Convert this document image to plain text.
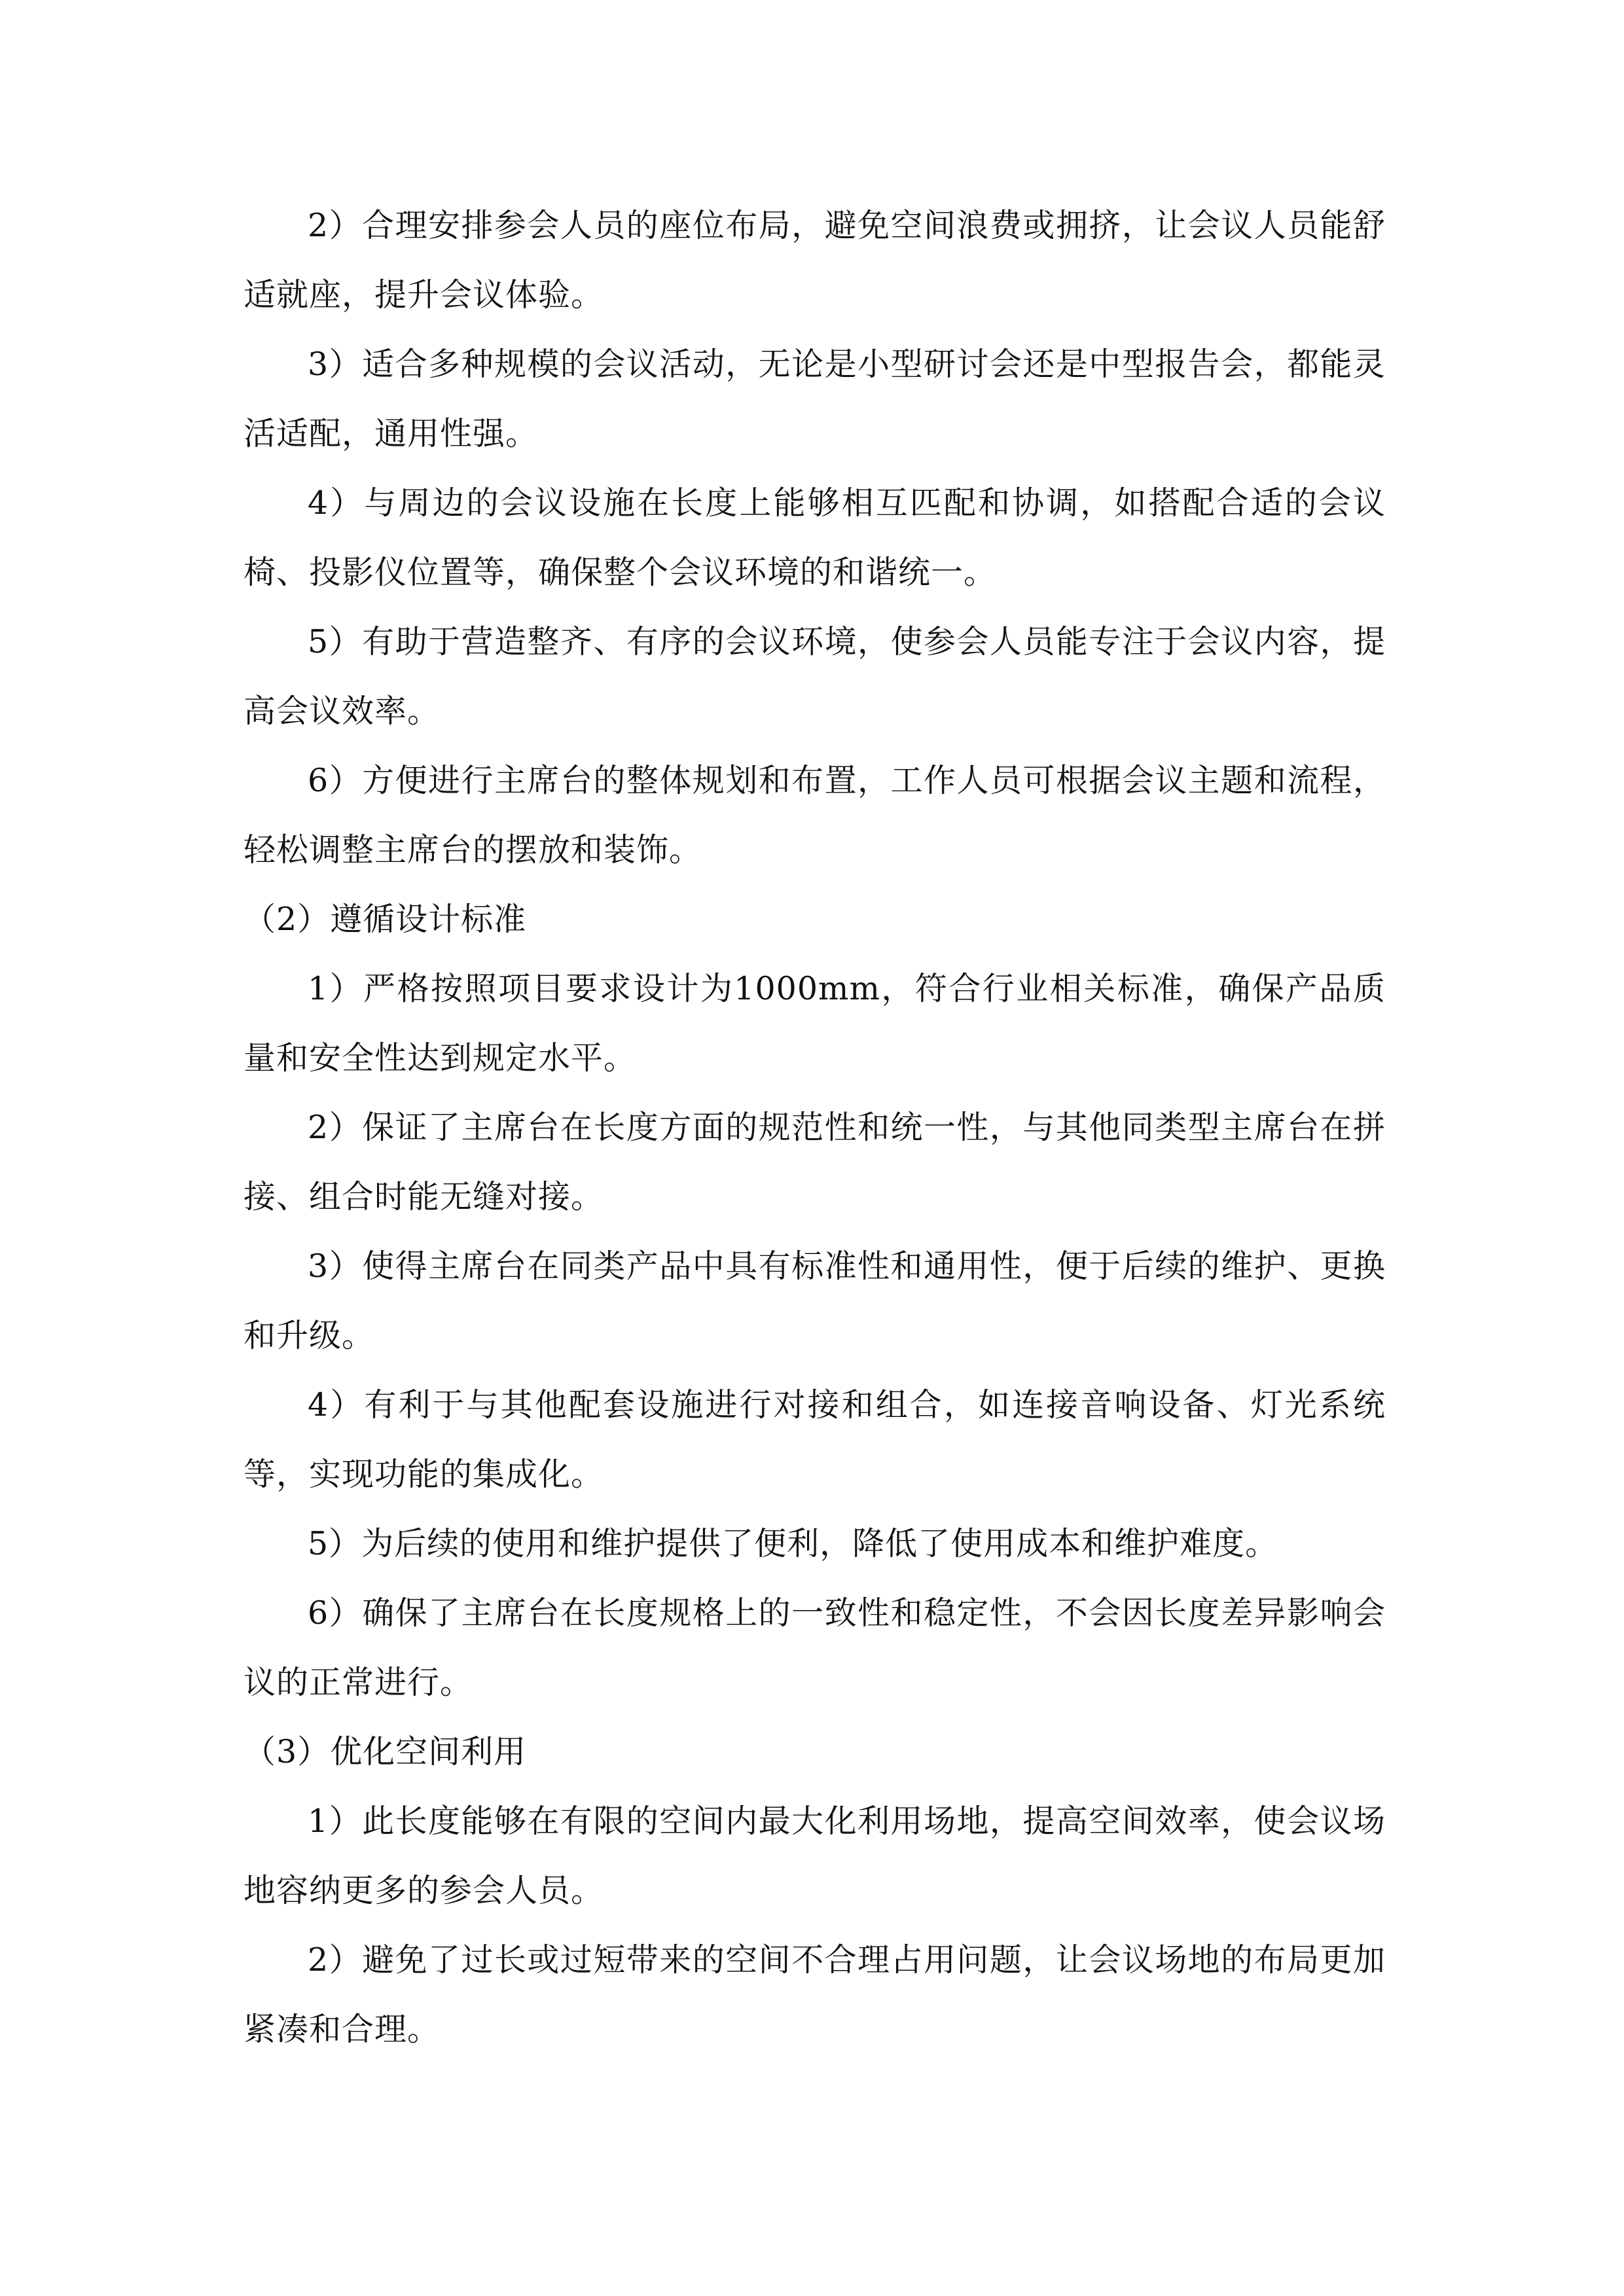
2）合理安排参会人员的座位布局，避免空间浪费或拥挤，让会议人员能舒适就座，提升会议体验。

3）适合多种规模的会议活动，无论是小型研讨会还是中型报告会，都能灵活适配，通用性强。

4）与周边的会议设施在长度上能够相互匹配和协调，如搭配合适的会议椅、投影仪位置等，确保整个会议环境的和谐统一。

5）有助于营造整齐、有序的会议环境，使参会人员能专注于会议内容，提高会议效率。

6）方便进行主席台的整体规划和布置，工作人员可根据会议主题和流程，轻松调整主席台的摆放和装饰。

（2）遵循设计标准

1）严格按照项目要求设计为1000mm，符合行业相关标准，确保产品质量和安全性达到规定水平。

2）保证了主席台在长度方面的规范性和统一性，与其他同类型主席台在拼接、组合时能无缝对接。

3）使得主席台在同类产品中具有标准性和通用性，便于后续的维护、更换和升级。

4）有利于与其他配套设施进行对接和组合，如连接音响设备、灯光系统等，实现功能的集成化。

5）为后续的使用和维护提供了便利，降低了使用成本和维护难度。

6）确保了主席台在长度规格上的一致性和稳定性，不会因长度差异影响会议的正常进行。

（3）优化空间利用

1）此长度能够在有限的空间内最大化利用场地，提高空间效率，使会议场地容纳更多的参会人员。

2）避免了过长或过短带来的空间不合理占用问题，让会议场地的布局更加紧凑和合理。
